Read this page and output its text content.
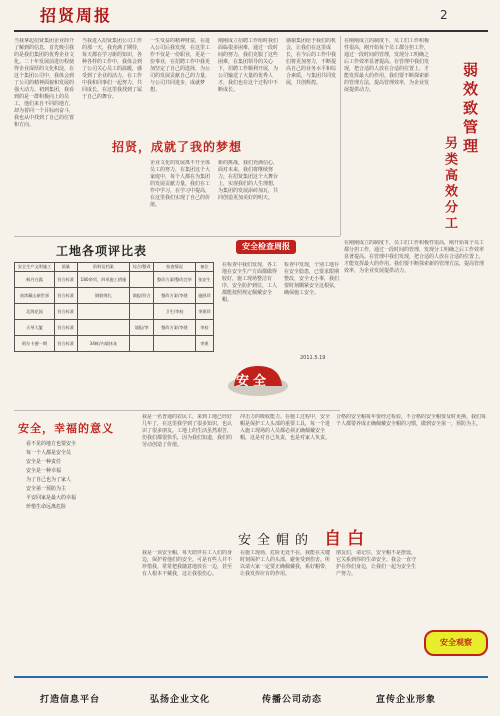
招贤周报	2
当我拿起招贤集团企业简介了解到的信息，首先吸引我的是我们集团的优秀企业文化。二十年发展前进历程使得企业深厚的文化积淀，在这个集团公司中，我体会到了公司的精神面貌和发展的强大动力。初到集团，我看到的是一群积极向上的员工，他们来自不同的地方，却为着同一个目标而奋斗，我也从中找到了自己的位置和方向。
当我进入招贤集团公司工作的那一天，我充满了期待，每天都在学习新的知识，各种各样的工作中，我体会到了公司关心员工的温暖，感受到了企业的活力，在工作中我和同事们一起努力，共同成长，在这里我找到了属于自己的舞台。
一生受益的精神财富，在进入公司后我发现，在这里工作不仅是一份职业，更是一份事业，在招聘工作中我更加坚定了自己的选择，为公司的发展贡献自己的力量，与公司共同进步，成就梦想。
刚刚成立招聘工作组时我们面临很多困难，通过一段时间的努力，我们克服了这些困难，在集团领导的关心下，招聘工作顺利开展，为公司输送了大量的优秀人才，我们也在这个过程中不断成长。
招贤，成就了我的梦想
企业文化的发展离不开全体员工的努力，在集团这个大家庭中，每个人都在为集团的发展贡献力量，我们在工作中学习，在学习中提高，在这里我们实现了自己的价值。
新的挑战，我们充满信心，面对未来，我们将继续努力，在招贤集团这个大舞台上，实现我们的人生理想，为集团的发展添砖加瓦，共同创造更加美好的明天。
感谢集团给予我们的机会，让我们在这里成长，在今后的工作中我们将更加努力，不断提高自己的业务水平和综合素质，与集团共同发展，共创辉煌。
在刚刚成立的制度下，员工们工作积极性很高，刚开始每个员工都分担工作，通过一段时间的管理，发现分工明确之后工作效率显著提高。在管理中我们发现，把合适的人放在合适的位置上，才能发挥最大的作用。我们要不断探索新的管理方法，提高管理效率，为企业发展提供动力。	弱效致管理
另类高效分工
在刚刚成立的制度下，员工们工作积极性很高，刚开始每个员工都分担工作，通过一段时间的管理，发现分工明确之后工作效率显著提高。在管理中我们发现，把合适的人放在合适的位置上，才能发挥最大的作用。我们要不断探索新的管理方法，提高管理效率，为企业发展提供动力。
工地各项评比表
安全生产文明施工	质量	资料及档案	综合/整改	检查情况	备注
枫丹白露	符合标准	180余项、四项施工措施		整改方案/整改完毕	张安生
南湾藏山新世界	符合标准	钢筋绑扎	填报/符合	整改方案/李建	施照珍
北海花园	符合标准			卫生/李桂	李建珍
天琴大厦	符合标准		填报/李	整改方案/李建	李桂
阿尔卡德一期	符合标准	34栋/内墙抹灰			李建
安全检查周报
在检查中我们发现，各工地在安全生产方面都做得较好，施工现场整洁有序，安全防护到位，工人都能按照规定佩戴安全帽。
检查中发现，个别工地存在安全隐患，已要求限期整改，安全无小事，我们要时刻绷紧安全这根弦，确保施工安全。
2011.5.19
安全
安全，幸福的意义
看不见的地方也要安全
每一个人都是安全员
安全是一种责任
安全是一种幸福
为了自己也为了家人
安全第一预防为主
平安回家是最大的幸福
珍惜生命远离危险
我是一名普通的农民工，来到工地已经好几年了，在这里我学到了很多知识，也认识了很多朋友。工地上的生活虽然艰苦，但我们都很快乐，因为我们知道，我们的劳动创造了价值。
冲击力的吸收能力。在施工过程中，安全帽是保护工人头部的重要工具，每一个进入施工现场的人员都必须正确佩戴安全帽，这是对自己负责，也是对家人负责。
合格的安全帽每年要经过检验，不合格的安全帽要及时更换。我们每个人都要养成正确佩戴安全帽的习惯，做到安全第一，预防为主。
安全帽的 自白
我是一顶安全帽，每天陪伴在工人们的身边，保护着他们的安全。可是有些人并不珍惜我，常常把我随意地放在一边，甚至有人根本不戴我，这让我很伤心。
在施工现场，危险无处不在，我能在关键时刻保护工人的头部，避免受到伤害。所以请大家一定要正确佩戴我，系好帽带，让我发挥应有的作用。
朋友们，请记住，安全帽不是摆设，它关系到你的生命安全。我会一直守护在你们身边，让我们一起为安全生产努力。
安全观察
打造信息平台	弘扬企业文化	传播公司动态	宣传企业形象
